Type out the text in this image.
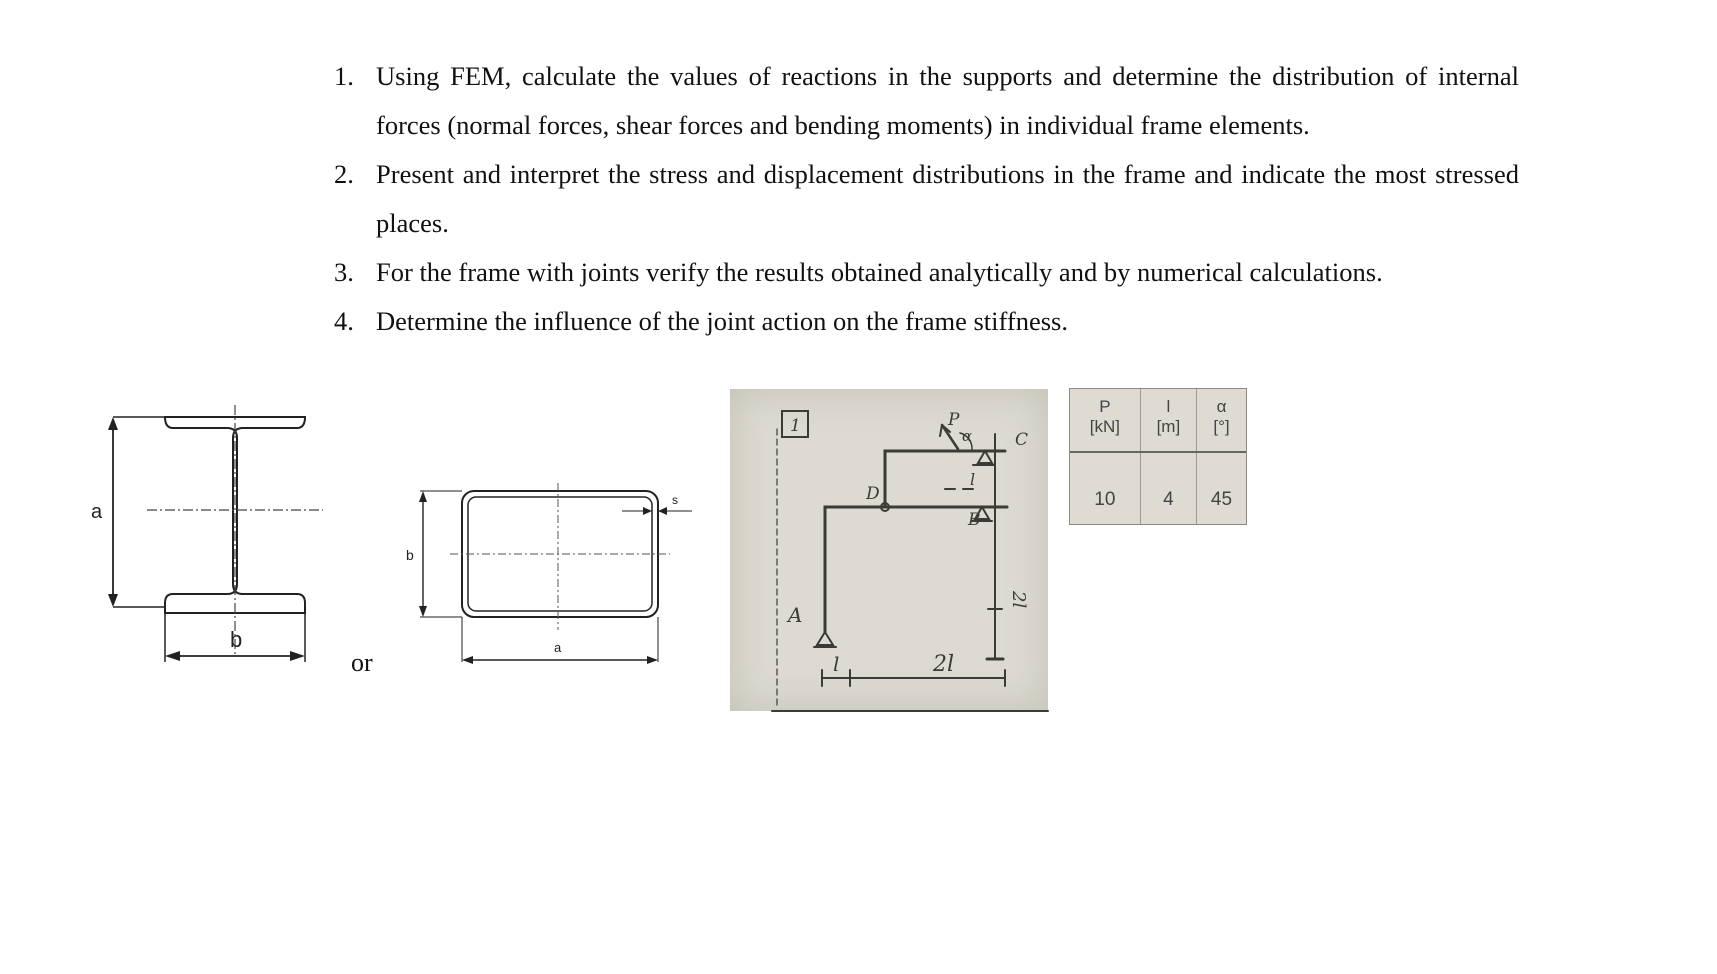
1. Using FEM, calculate the values of reactions in the supports and determine the distribution of internal forces (normal forces, shear forces and bending moments) in individual frame elements.
2. Present and interpret the stress and displacement distributions in the frame and indicate the most stressed places.
3. For the frame with joints verify the results obtained analytically and by numerical calculations.
4. Determine the influence of the joint action on the frame stiffness.
a
b
or
b
a
s
1
A
B
C
D
P
α
l	2l
l
2l
P	l	α
[kN]	[m]	[°]

10	4	45
